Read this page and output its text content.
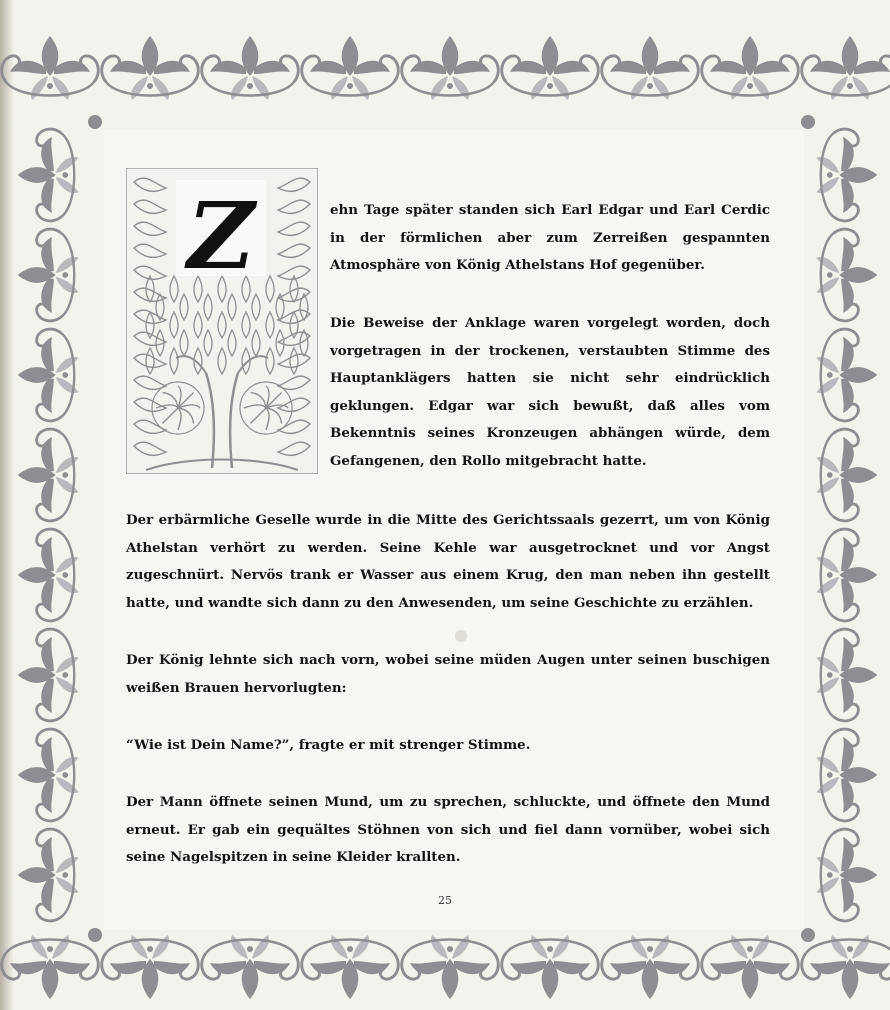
Z	ehn Tage später standen sich Earl Edgar und Earl Cerdic in der förmlichen aber zum Zerreißen gespannten Atmosphäre von König Athelstans Hof gegenüber.

Die Beweise der Anklage waren vorgelegt worden, doch vorgetragen in der trockenen, verstaubten Stimme des Hauptanklägers hatten sie nicht sehr eindrücklich geklungen. Edgar war sich bewußt, daß alles vom Bekenntnis seines Kronzeugen abhängen würde, dem Gefangenen, den Rollo mitgebracht hatte.

Der erbärmliche Geselle wurde in die Mitte des Gerichtssaals gezerrt, um von König Athelstan verhört zu werden. Seine Kehle war ausgetrocknet und vor Angst zugeschnürt. Nervös trank er Wasser aus einem Krug, den man neben ihn gestellt hatte, und wandte sich dann zu den Anwesenden, um seine Geschichte zu erzählen.

Der König lehnte sich nach vorn, wobei seine müden Augen unter seinen buschigen weißen Brauen hervorlugten:

“Wie ist Dein Name?”, fragte er mit strenger Stimme.

Der Mann öffnete seinen Mund, um zu sprechen, schluckte, und öffnete den Mund erneut. Er gab ein gequältes Stöhnen von sich und fiel dann vornüber, wobei sich seine Nagelspitzen in seine Kleider krallten.

25
